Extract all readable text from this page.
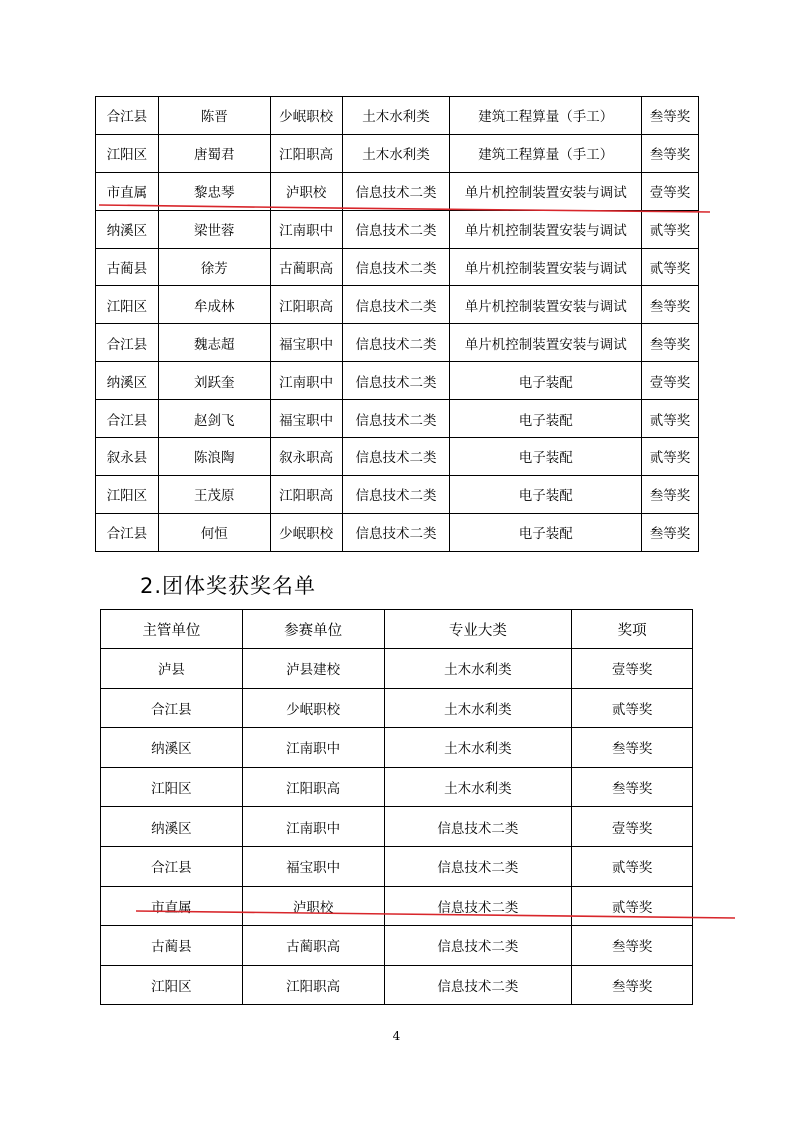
合江县	陈晋	少岷职校	土木水利类	建筑工程算量（手工）	叁等奖
江阳区	唐蜀君	江阳职高	土木水利类	建筑工程算量（手工）	叁等奖
市直属	黎忠琴	泸职校	信息技术二类	单片机控制装置安装与调试	壹等奖
纳溪区	梁世蓉	江南职中	信息技术二类	单片机控制装置安装与调试	贰等奖
古蔺县	徐芳	古蔺职高	信息技术二类	单片机控制装置安装与调试	贰等奖
江阳区	牟成林	江阳职高	信息技术二类	单片机控制装置安装与调试	叁等奖
合江县	魏志超	福宝职中	信息技术二类	单片机控制装置安装与调试	叁等奖
纳溪区	刘跃奎	江南职中	信息技术二类	电子装配	壹等奖
合江县	赵剑飞	福宝职中	信息技术二类	电子装配	贰等奖
叙永县	陈浪陶	叙永职高	信息技术二类	电子装配	贰等奖
江阳区	王茂原	江阳职高	信息技术二类	电子装配	叁等奖
合江县	何恒	少岷职校	信息技术二类	电子装配	叁等奖
2.团体奖获奖名单
主管单位	参赛单位	专业大类	奖项
泸县	泸县建校	土木水利类	壹等奖
合江县	少岷职校	土木水利类	贰等奖
纳溪区	江南职中	土木水利类	叁等奖
江阳区	江阳职高	土木水利类	叁等奖
纳溪区	江南职中	信息技术二类	壹等奖
合江县	福宝职中	信息技术二类	贰等奖
市直属	泸职校	信息技术二类	贰等奖
古蔺县	古蔺职高	信息技术二类	叁等奖
江阳区	江阳职高	信息技术二类	叁等奖
4
